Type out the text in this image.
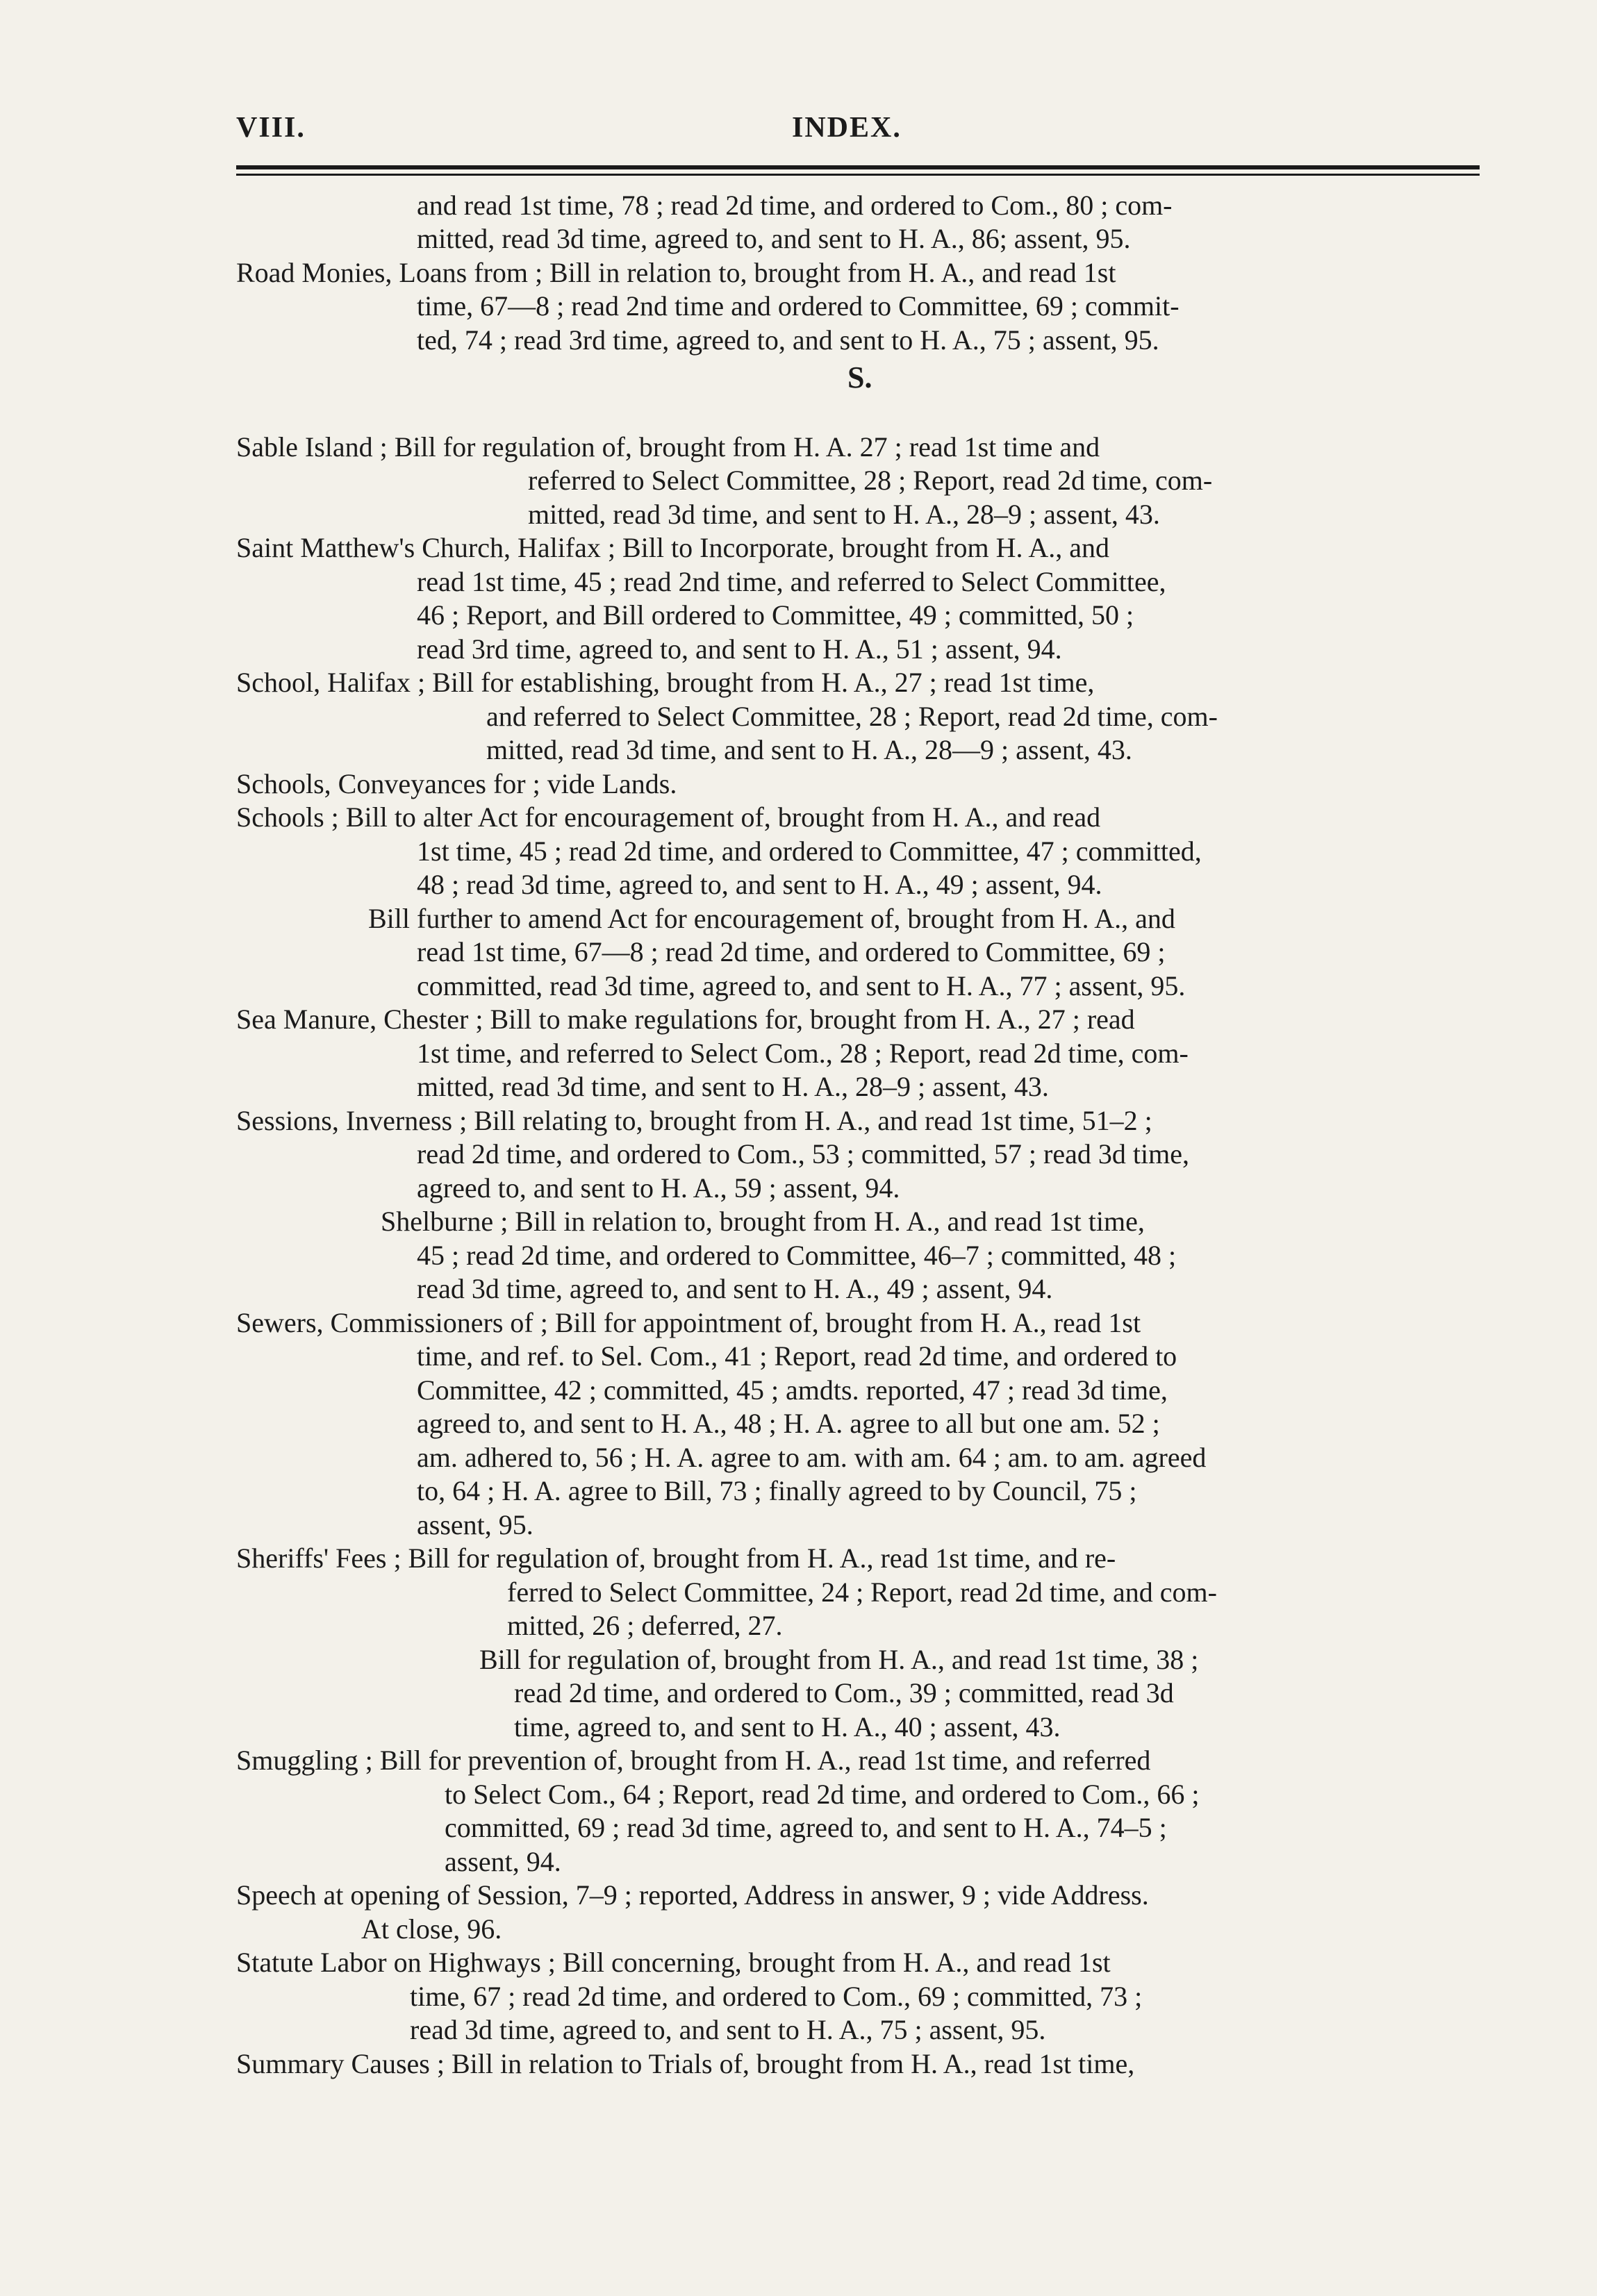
VIII.	INDEX.
and read 1st time, 78 ; read 2d time, and ordered to Com., 80 ; com-
mitted, read 3d time, agreed to, and sent to H. A., 86; assent, 95.
Road Monies, Loans from ; Bill in relation to, brought from H. A., and read 1st
time, 67—8 ; read 2nd time and ordered to Committee, 69 ; commit-
ted, 74 ; read 3rd time, agreed to, and sent to H. A., 75 ; assent, 95.
S.
Sable Island ; Bill for regulation of, brought from H. A. 27 ; read 1st time and
referred to Select Committee, 28 ; Report, read 2d time, com-
mitted, read 3d time, and sent to H. A., 28–9 ; assent, 43.
Saint Matthew's Church, Halifax ; Bill to Incorporate, brought from H. A., and
read 1st time, 45 ; read 2nd time, and referred to Select Committee,
46 ; Report, and Bill ordered to Committee, 49 ; committed, 50 ;
read 3rd time, agreed to, and sent to H. A., 51 ; assent, 94.
School, Halifax ; Bill for establishing, brought from H. A., 27 ; read 1st time,
and referred to Select Committee, 28 ; Report, read 2d time, com-
mitted, read 3d time, and sent to H. A., 28—9 ; assent, 43.
Schools, Conveyances for ; vide Lands.
Schools ; Bill to alter Act for encouragement of, brought from H. A., and read
1st time, 45 ; read 2d time, and ordered to Committee, 47 ; committed,
48 ; read 3d time, agreed to, and sent to H. A., 49 ; assent, 94.
Bill further to amend Act for encouragement of, brought from H. A., and
read 1st time, 67—8 ; read 2d time, and ordered to Committee, 69 ;
committed, read 3d time, agreed to, and sent to H. A., 77 ; assent, 95.
Sea Manure, Chester ; Bill to make regulations for, brought from H. A., 27 ; read
1st time, and referred to Select Com., 28 ; Report, read 2d time, com-
mitted, read 3d time, and sent to H. A., 28–9 ; assent, 43.
Sessions, Inverness ; Bill relating to, brought from H. A., and read 1st time, 51–2 ;
read 2d time, and ordered to Com., 53 ; committed, 57 ; read 3d time,
agreed to, and sent to H. A., 59 ; assent, 94.
Shelburne ; Bill in relation to, brought from H. A., and read 1st time,
45 ; read 2d time, and ordered to Committee, 46–7 ; committed, 48 ;
read 3d time, agreed to, and sent to H. A., 49 ; assent, 94.
Sewers, Commissioners of ; Bill for appointment of, brought from H. A., read 1st
time, and ref. to Sel. Com., 41 ; Report, read 2d time, and ordered to
Committee, 42 ; committed, 45 ; amdts. reported, 47 ; read 3d time,
agreed to, and sent to H. A., 48 ; H. A. agree to all but one am. 52 ;
am. adhered to, 56 ; H. A. agree to am. with am. 64 ; am. to am. agreed
to, 64 ; H. A. agree to Bill, 73 ; finally agreed to by Council, 75 ;
assent, 95.
Sheriffs' Fees ; Bill for regulation of, brought from H. A., read 1st time, and re-
ferred to Select Committee, 24 ; Report, read 2d time, and com-
mitted, 26 ; deferred, 27.
Bill for regulation of, brought from H. A., and read 1st time, 38 ;
read 2d time, and ordered to Com., 39 ; committed, read 3d
time, agreed to, and sent to H. A., 40 ; assent, 43.
Smuggling ; Bill for prevention of, brought from H. A., read 1st time, and referred
to Select Com., 64 ; Report, read 2d time, and ordered to Com., 66 ;
committed, 69 ; read 3d time, agreed to, and sent to H. A., 74–5 ;
assent, 94.
Speech at opening of Session, 7–9 ; reported, Address in answer, 9 ; vide Address.
At close, 96.
Statute Labor on Highways ; Bill concerning, brought from H. A., and read 1st
time, 67 ; read 2d time, and ordered to Com., 69 ; committed, 73 ;
read 3d time, agreed to, and sent to H. A., 75 ; assent, 95.
Summary Causes ; Bill in relation to Trials of, brought from H. A., read 1st time,
